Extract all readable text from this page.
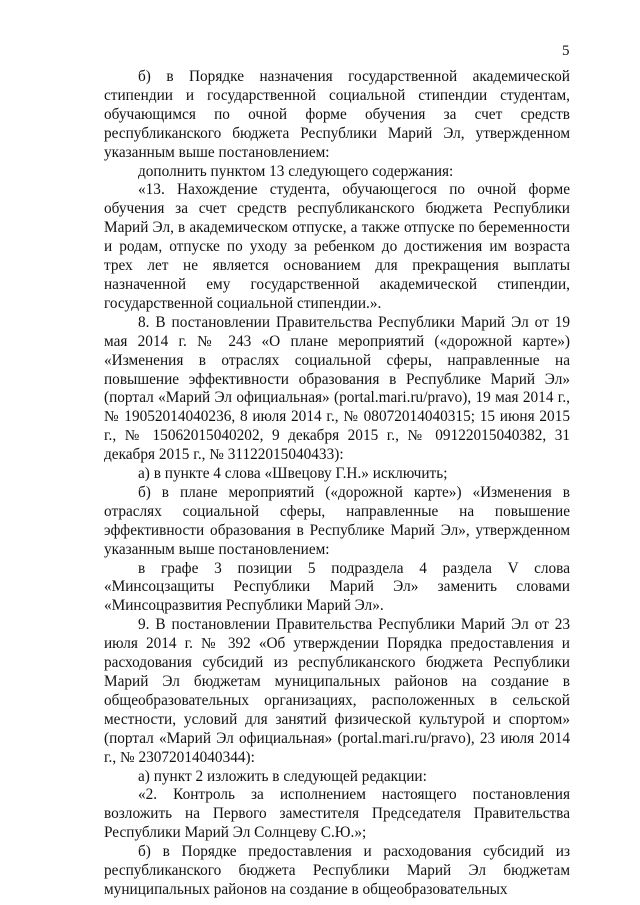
5

б) в Порядке назначения государственной академической стипендии и государственной социальной стипендии студентам, обучающимся по очной форме обучения за счет средств республиканского бюджета Республики Марий Эл, утвержденном указанным выше постановлением:

дополнить пунктом 13 следующего содержания:

«13. Нахождение студента, обучающегося по очной форме обучения за счет средств республиканского бюджета Республики Марий Эл, в академическом отпуске, а также отпуске по беременности и родам, отпуске по уходу за ребенком до достижения им возраста трех лет не является основанием для прекращения выплаты назначенной ему государственной академической стипендии, государственной социальной стипендии.».

8. В постановлении Правительства Республики Марий Эл от 19 мая 2014 г. № 243 «О плане мероприятий («дорожной карте») «Изменения в отраслях социальной сферы, направленные на повышение эффективности образования в Республике Марий Эл» (портал «Марий Эл официальная» (portal.mari.ru/pravo), 19 мая 2014 г., № 19052014040236, 8 июля 2014 г., № 08072014040315; 15 июня 2015 г., № 15062015040202, 9 декабря 2015 г., № 09122015040382, 31 декабря 2015 г., № 31122015040433):

а) в пункте 4 слова «Швецову Г.Н.» исключить;

б) в плане мероприятий («дорожной карте») «Изменения в отраслях социальной сферы, направленные на повышение эффективности образования в Республике Марий Эл», утвержденном указанным выше постановлением:

в графе 3 позиции 5 подраздела 4 раздела V слова «Минсоцзащиты Республики Марий Эл» заменить словами «Минсоцразвития Республики Марий Эл».

9. В постановлении Правительства Республики Марий Эл от 23 июля 2014 г. № 392 «Об утверждении Порядка предоставления и расходования субсидий из республиканского бюджета Республики Марий Эл бюджетам муниципальных районов на создание в общеобразовательных организациях, расположенных в сельской местности, условий для занятий физической культурой и спортом» (портал «Марий Эл официальная» (portal.mari.ru/pravo), 23 июля 2014 г., № 23072014040344):

а) пункт 2 изложить в следующей редакции:

«2. Контроль за исполнением настоящего постановления возложить на Первого заместителя Председателя Правительства Республики Марий Эл Солнцеву С.Ю.»;

б) в Порядке предоставления и расходования субсидий из республиканского бюджета Республики Марий Эл бюджетам муниципальных районов на создание в общеобразовательных
